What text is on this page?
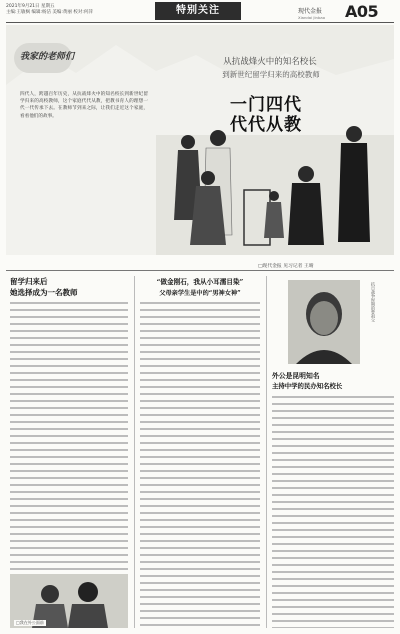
2021年9月21日 星期五
主编:王敏枫 编辑:杨洁 美编:黄丽 校对:何萍	特别关注	现代金报
Xiandai Jinbao	A05
我家的老师们
四代人，跨越百年历史，从抗战烽火中的知名校长到新世纪留学归来的高校教师，这个家庭代代从教，把教书育人的理想一代一代传承下去。在教师节到来之际，让我们走近这个家庭，看看他们的故事。
从抗战烽火中的知名校长
到新世纪留学归来的高校教师
一门四代
代代从教
□现代金报 见习记者 王晴
留学归来后
她选择成为一名教师
□我在外公面前
“做金刚石，我从小耳濡目染”
父母亲学生是中的“男神女神”	抗日战争时期的曾祖父
外公是昆明知名
主持中学的民办知名校长
